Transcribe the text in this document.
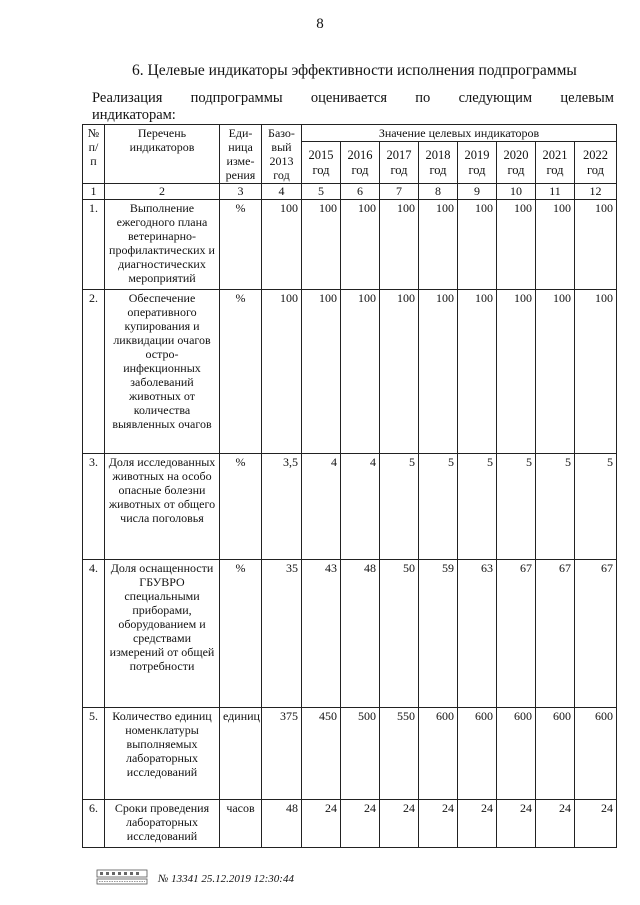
8
6. Целевые индикаторы эффективности исполнения подпрограммы
Реализация подпрограммы оценивается по следующим целевым
индикаторам:
№ п/п	Перечень индикаторов	Еди-ница изме-рения	Базо-вый 2013 год	Значение целевых индикаторов							
				2015 год	2016 год	2017 год	2018 год	2019 год	2020 год	2021 год	2022 год
1	2	3	4	5	6	7	8	9	10	11	12
1.	Выполнение ежегодного плана ветеринарно-профилактических и диагностических мероприятий	%	100	100	100	100	100	100	100	100	100
2.	Обеспечение оперативного купирования и ликвидации очагов остро-инфекционных заболеваний животных от количества выявленных очагов	%	100	100	100	100	100	100	100	100	100
3.	Доля исследованных животных на особо опасные болезни животных от общего числа поголовья	%	3,5	4	4	5	5	5	5	5	5
4.	Доля оснащенности ГБУВРО специальными приборами, оборудованием и средствами измерений от общей потребности	%	35	43	48	50	59	63	67	67	67
5.	Количество единиц номенклатуры выполняемых лабораторных исследований	единиц	375	450	500	550	600	600	600	600	600
6.	Сроки проведения лабораторных исследований	часов	48	24	24	24	24	24	24	24	24
№ 13341 25.12.2019 12:30:44
